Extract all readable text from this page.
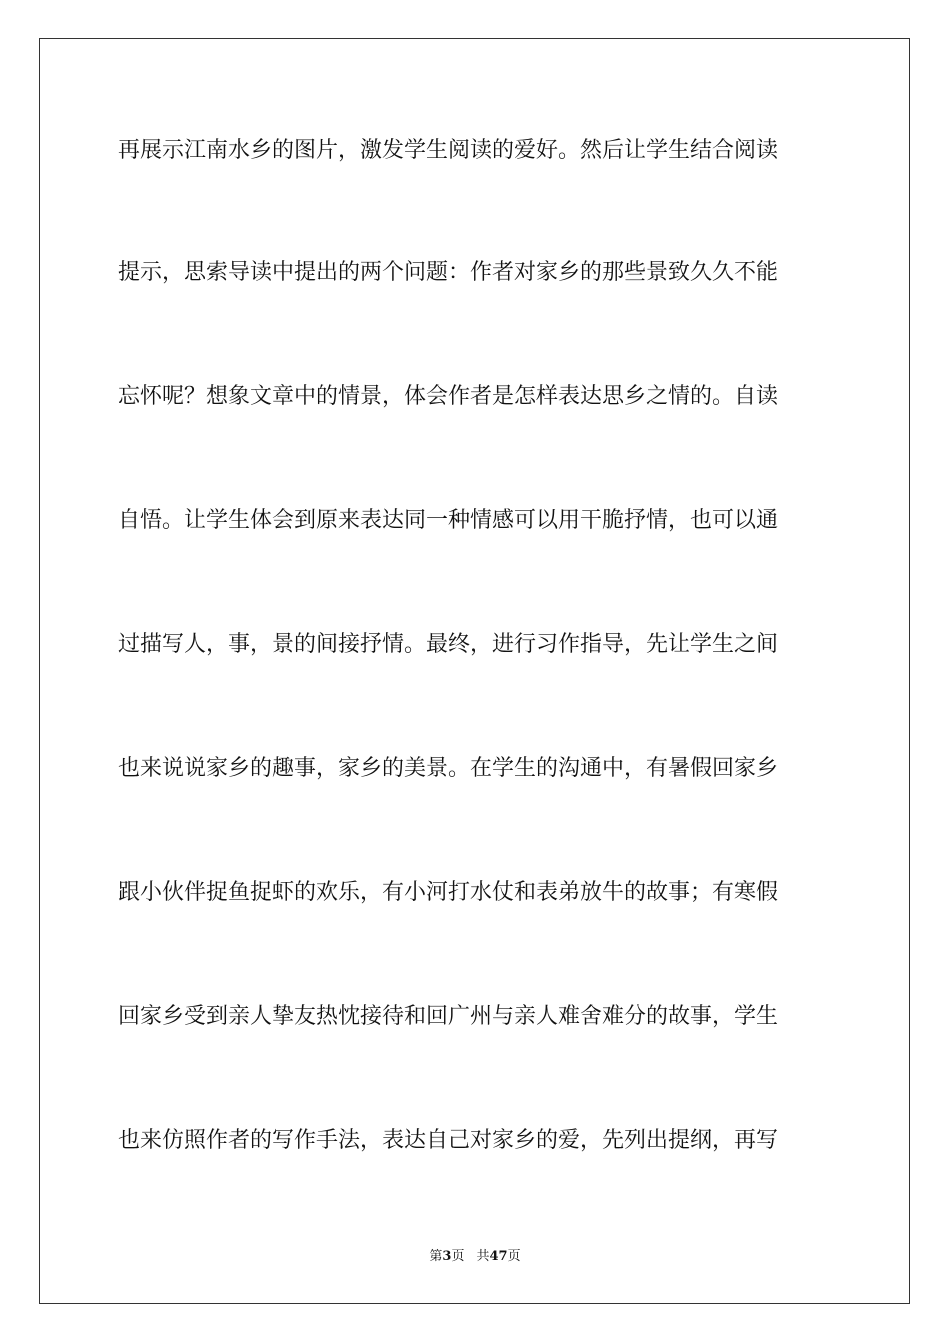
再展示江南水乡的图片，激发学生阅读的爱好。然后让学生结合阅读
提示，思索导读中提出的两个问题：作者对家乡的那些景致久久不能
忘怀呢？想象文章中的情景，体会作者是怎样表达思乡之情的。自读
自悟。让学生体会到原来表达同一种情感可以用干脆抒情，也可以通
过描写人，事，景的间接抒情。最终，进行习作指导，先让学生之间
也来说说家乡的趣事，家乡的美景。在学生的沟通中，有暑假回家乡
跟小伙伴捉鱼捉虾的欢乐，有小河打水仗和表弟放牛的故事；有寒假
回家乡受到亲人挚友热忱接待和回广州与亲人难舍难分的故事，学生
也来仿照作者的写作手法，表达自己对家乡的爱，先列出提纲，再写
第3页 共47页
